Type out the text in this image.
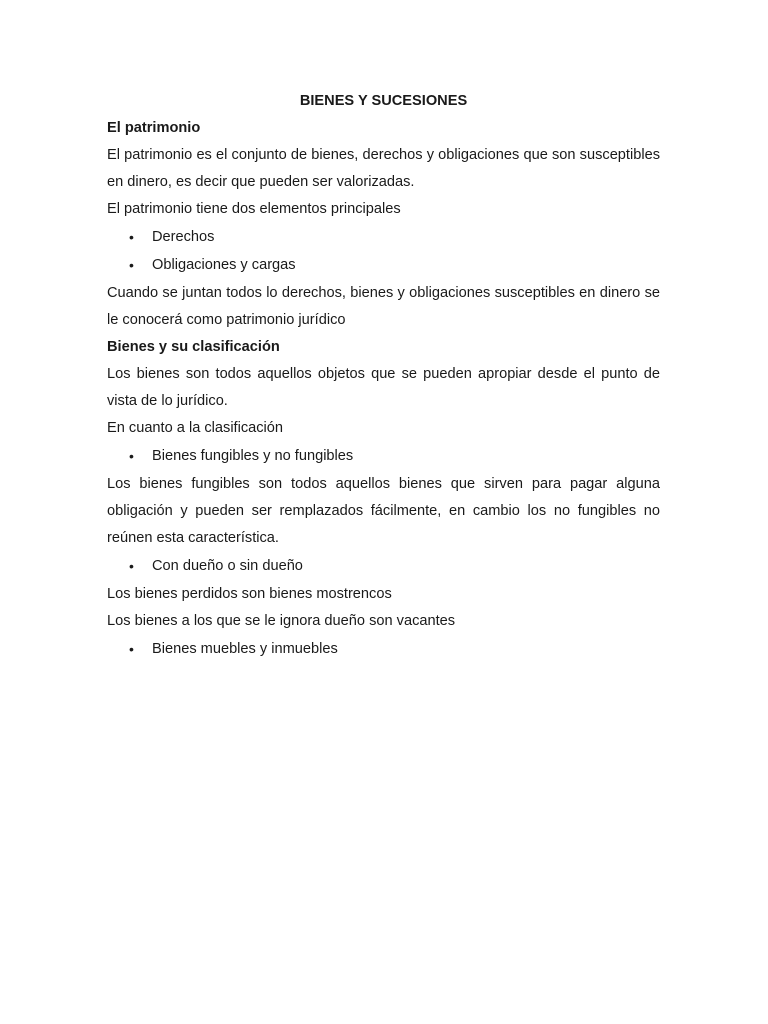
BIENES Y SUCESIONES

El patrimonio

El patrimonio es el conjunto de bienes, derechos y obligaciones que son susceptibles en dinero, es decir que pueden ser valorizadas.

El patrimonio tiene dos elementos principales

• Derechos
• Obligaciones y cargas

Cuando se juntan todos lo derechos, bienes y obligaciones susceptibles en dinero se le conocerá como patrimonio jurídico

Bienes y su clasificación

Los bienes son todos aquellos objetos que se pueden apropiar desde el punto de vista de lo jurídico.

En cuanto a la clasificación

• Bienes fungibles y no fungibles

Los bienes fungibles son todos aquellos bienes que sirven para pagar alguna obligación y pueden ser remplazados fácilmente, en cambio los no fungibles no reúnen esta característica.

• Con dueño o sin dueño

Los bienes perdidos son bienes mostrencos

Los bienes a los que se le ignora dueño son vacantes

• Bienes muebles y inmuebles
